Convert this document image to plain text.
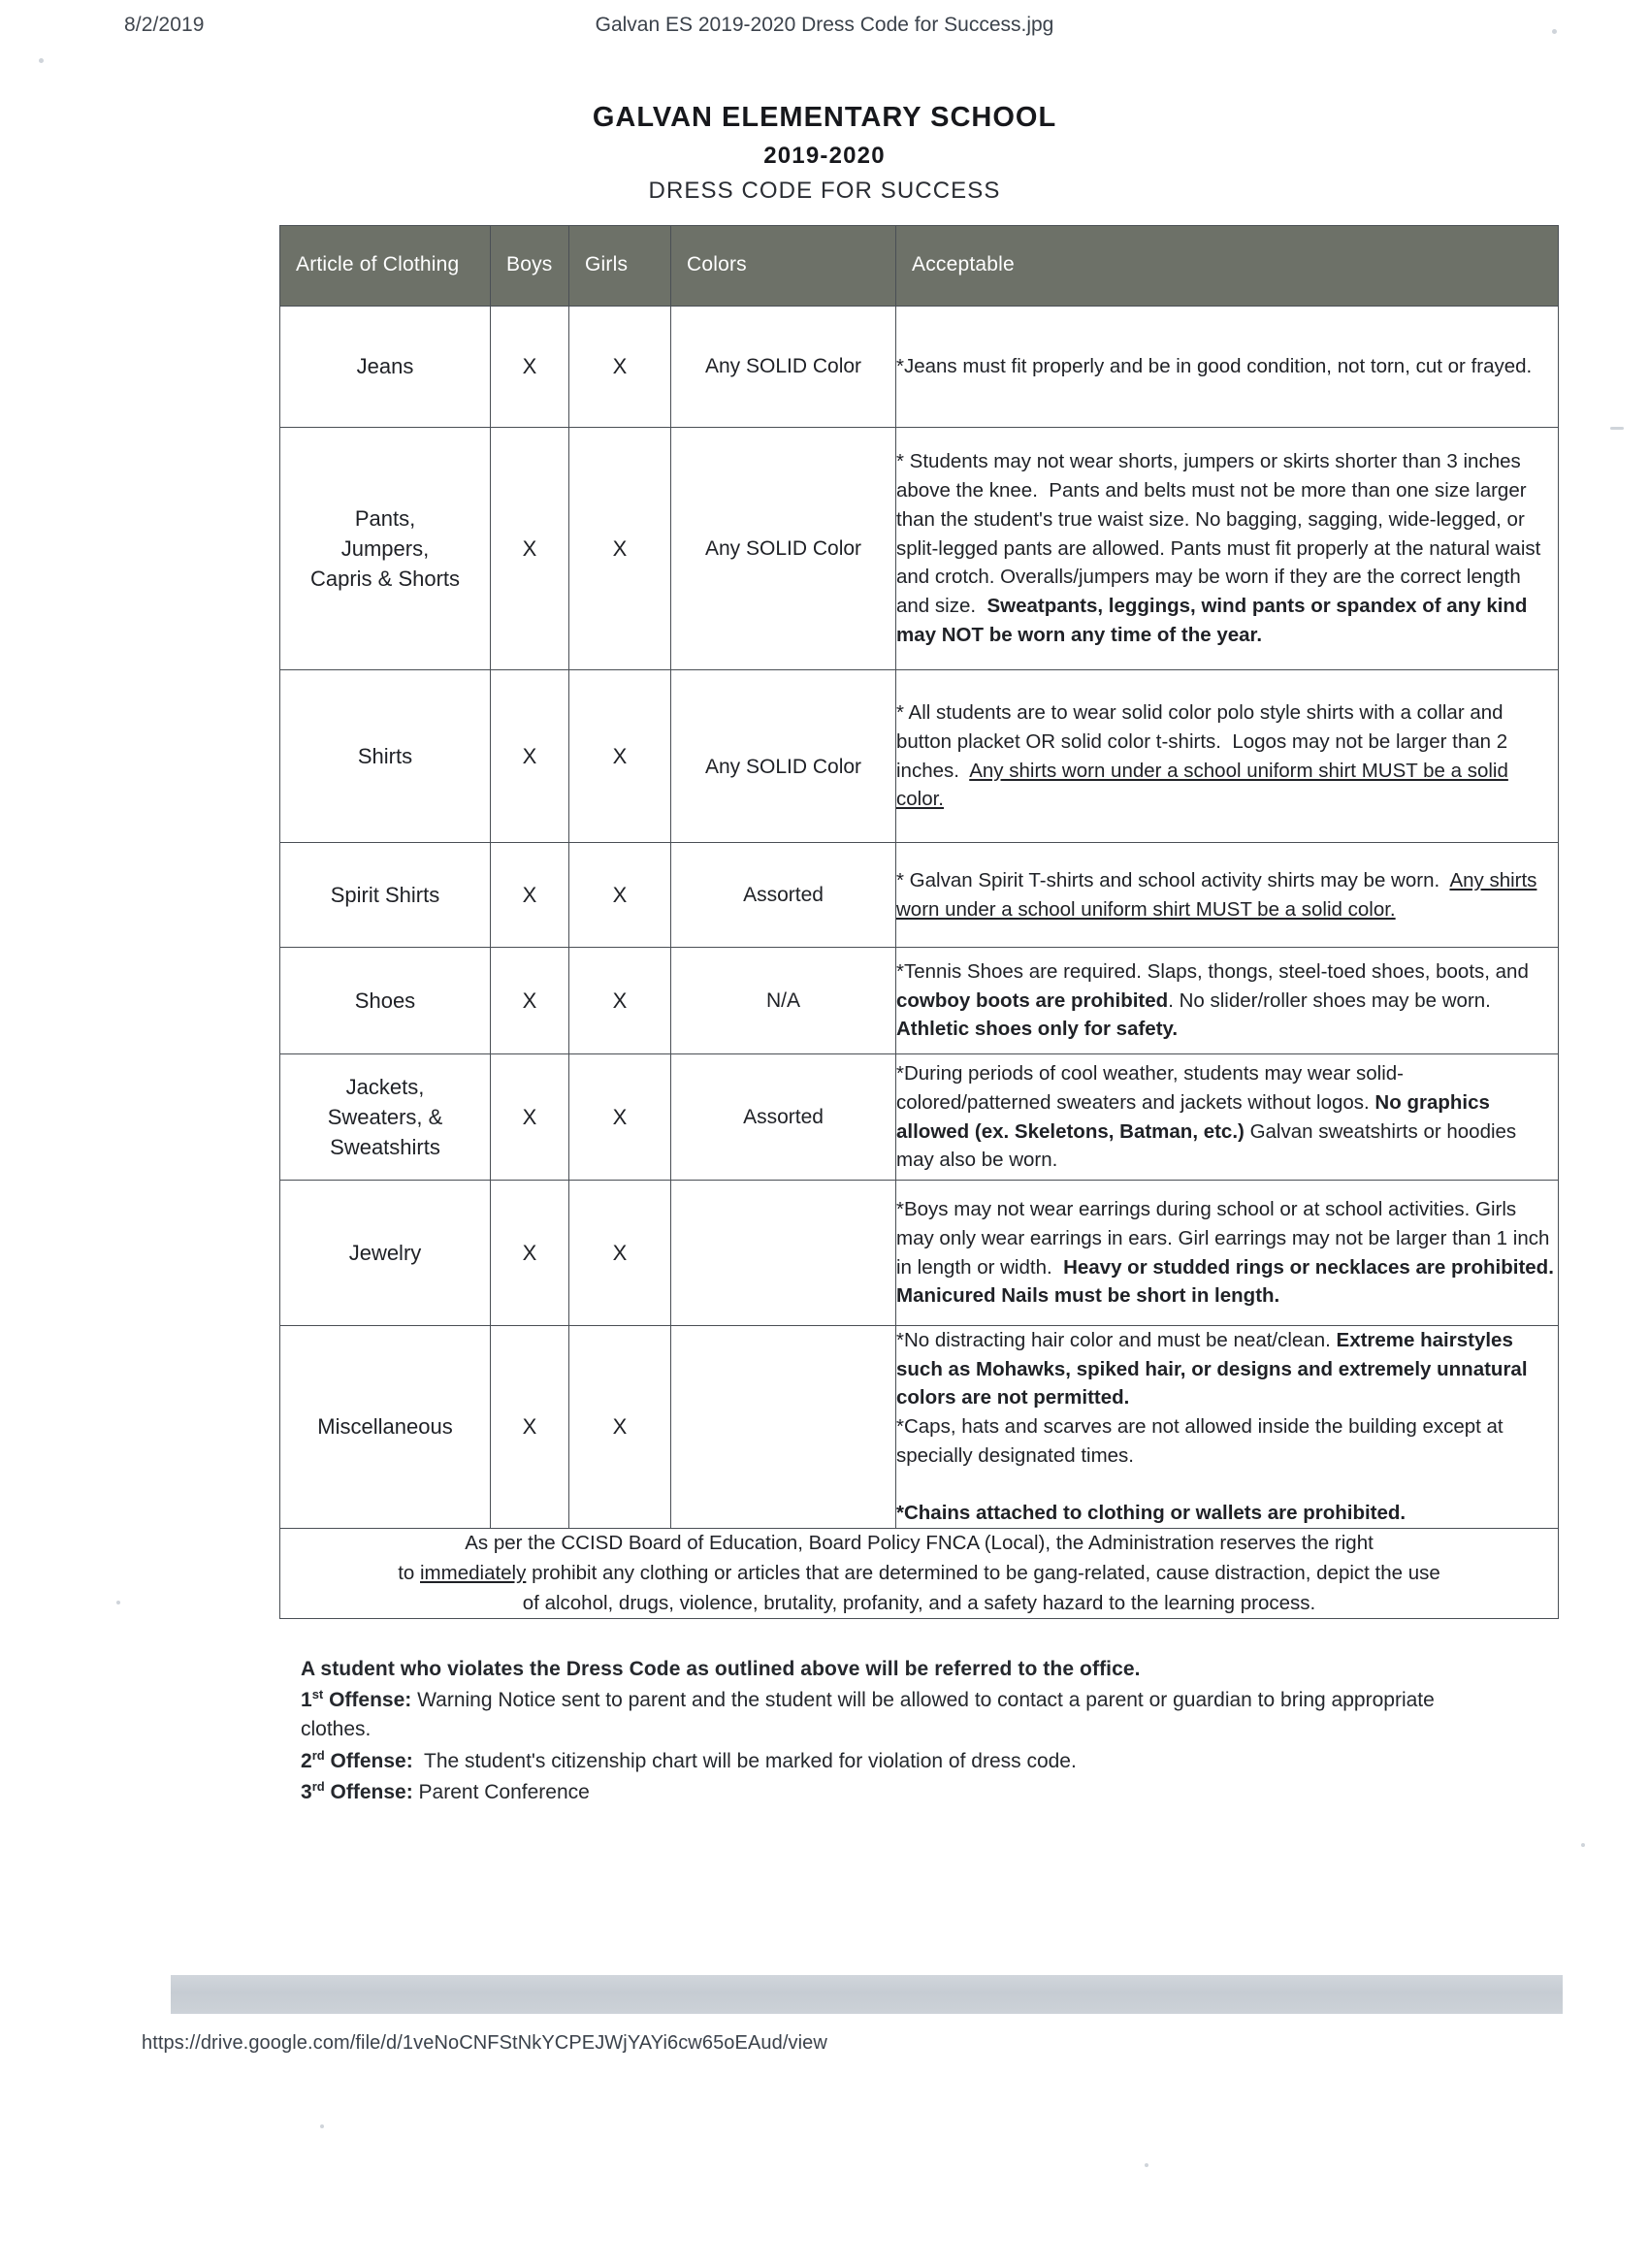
8/2/2019	Galvan ES 2019-2020 Dress Code for Success.jpg
GALVAN ELEMENTARY SCHOOL
2019-2020
DRESS CODE FOR SUCCESS
Article of Clothing	Boys	Girls	Colors	Acceptable
Jeans	X	X	Any SOLID Color	*Jeans must fit properly and be in good condition, not torn, cut or frayed.
Pants,
Jumpers,
Capris & Shorts	X	X	Any SOLID Color	* Students may not wear shorts, jumpers or skirts shorter than 3 inches above the knee.  Pants and belts must not be more than one size larger than the student's true waist size. No bagging, sagging, wide-legged, or split-legged pants are allowed. Pants must fit properly at the natural waist and crotch. Overalls/jumpers may be worn if they are the correct length and size.  Sweatpants, leggings, wind pants or spandex of any kind may NOT be worn any time of the year.
Shirts	X	X	Any SOLID Color	* All students are to wear solid color polo style shirts with a collar and button placket OR solid color t-shirts.  Logos may not be larger than 2 inches.  Any shirts worn under a school uniform shirt MUST be a solid color.
Spirit Shirts	X	X	Assorted	* Galvan Spirit T-shirts and school activity shirts may be worn.  Any shirts worn under a school uniform shirt MUST be a solid color.
Shoes	X	X	N/A	*Tennis Shoes are required. Slaps, thongs, steel-toed shoes, boots, and cowboy boots are prohibited. No slider/roller shoes may be worn. Athletic shoes only for safety.
Jackets,
Sweaters, &
Sweatshirts	X	X	Assorted	*During periods of cool weather, students may wear solid-colored/patterned sweaters and jackets without logos. No graphics allowed (ex. Skeletons, Batman, etc.) Galvan sweatshirts or hoodies may also be worn.
Jewelry	X	X		*Boys may not wear earrings during school or at school activities. Girls may only wear earrings in ears. Girl earrings may not be larger than 1 inch in length or width.  Heavy or studded rings or necklaces are prohibited. Manicured Nails must be short in length.
Miscellaneous	X	X		*No distracting hair color and must be neat/clean. Extreme hairstyles such as Mohawks, spiked hair, or designs and extremely unnatural colors are not permitted.
*Caps, hats and scarves are not allowed inside the building except at specially designated times.

*Chains attached to clothing or wallets are prohibited.
As per the CCISD Board of Education, Board Policy FNCA (Local), the Administration reserves the right
to immediately prohibit any clothing or articles that are determined to be gang-related, cause distraction, depict the use
of alcohol, drugs, violence, brutality, profanity, and a safety hazard to the learning process.				

A student who violates the Dress Code as outlined above will be referred to the office.

1st Offense: Warning Notice sent to parent and the student will be allowed to contact a parent or guardian to bring appropriate clothes.

2rd Offense:  The student's citizenship chart will be marked for violation of dress code.

3rd Offense: Parent Conference

https://drive.google.com/file/d/1veNoCNFStNkYCPEJWjYAYi6cw65oEAud/view
